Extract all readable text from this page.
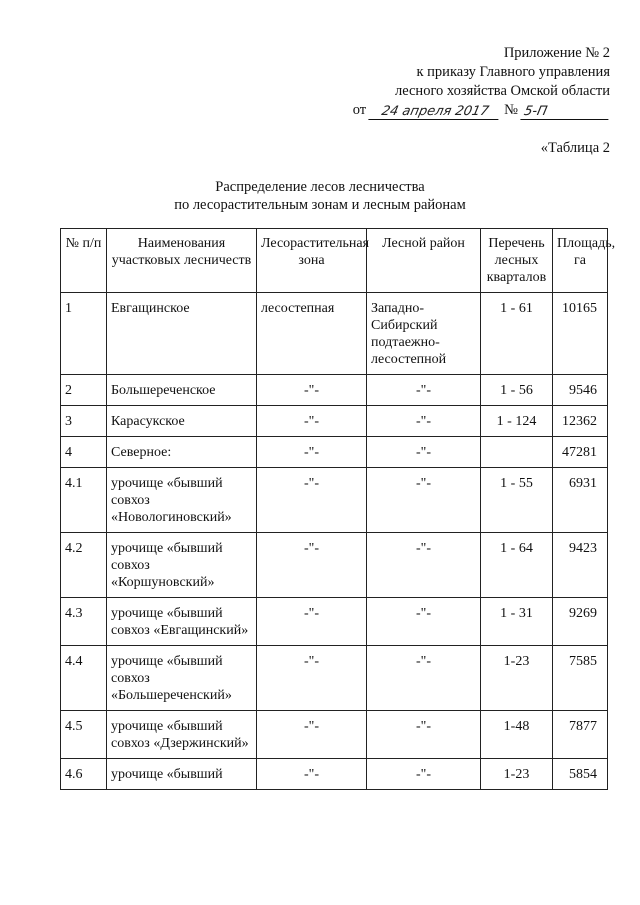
Приложение № 2
к приказу Главного управления
лесного хозяйства Омской области
от	24 апреля 2017 № 5-П
«Таблица 2
Распределение лесов лесничества
по лесорастительным зонам и лесным районам
№ п/п	Наименования участковых лесничеств	Лесорастительная зона	Лесной район	Перечень лесных кварталов	Площадь, га
1	Евгащинское	лесостепная	Западно-Сибирский подтаежно-лесостепной	1 - 61	10165
2	Большереченское	-"-	-"-	1 - 56	9546
3	Карасукское	-"-	-"-	1 - 124	12362
4	Северное:	-"-	-"-		47281
4.1	урочище «бывший совхоз «Новологиновский»	-"-	-"-	1 - 55	6931
4.2	урочище «бывший совхоз «Коршуновский»	-"-	-"-	1 - 64	9423
4.3	урочище «бывший совхоз «Евгащинский»	-"-	-"-	1 - 31	9269
4.4	урочище «бывший совхоз «Большереченский»	-"-	-"-	1-23	7585
4.5	урочище «бывший совхоз «Дзержинский»	-"-	-"-	1-48	7877
4.6	урочище «бывший	-"-	-"-	1-23	5854
